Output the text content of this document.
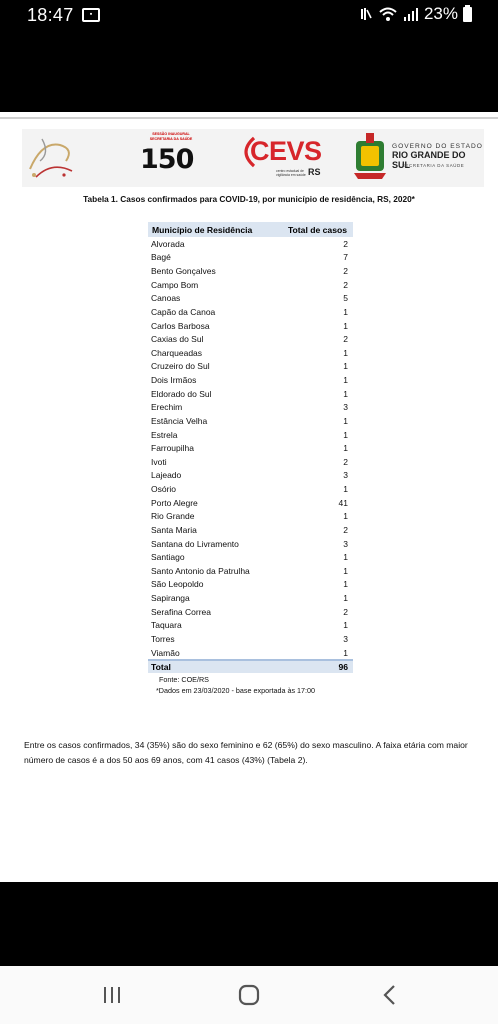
18:47	▪	23%
SESSÃO INAUGURAL SECRETARIA DA SAÚDE
150	CEVS
centro estadual de vigilância em saúde RS
GOVERNO DO ESTADO
RIO GRANDE DO SUL
SECRETARIA DA SAÚDE
Tabela 1. Casos confirmados para COVID-19, por município de residência, RS, 2020*
Município de Residência	Total de casos
Alvorada	2
Bagé	7
Bento Gonçalves	2
Campo Bom	2
Canoas	5
Capão da Canoa	1
Carlos Barbosa	1
Caxias do Sul	2
Charqueadas	1
Cruzeiro do Sul	1
Dois Irmãos	1
Eldorado do Sul	1
Erechim	3
Estância Velha	1
Estrela	1
Farroupilha	1
Ivoti	2
Lajeado	3
Osório	1
Porto Alegre	41
Rio Grande	1
Santa Maria	2
Santana do Livramento	3
Santiago	1
Santo Antonio da Patrulha	1
São Leopoldo	1
Sapiranga	1
Serafina Correa	2
Taquara	1
Torres	3
Viamão	1
Total	96
Fonte: COE/RS
*Dados em 23/03/2020 - base exportada às 17:00
Entre os casos confirmados, 34 (35%) são do sexo feminino e 62 (65%) do sexo masculino. A faixa etária com maior número de casos é a dos 50 aos 69 anos, com 41 casos (43%) (Tabela 2).
